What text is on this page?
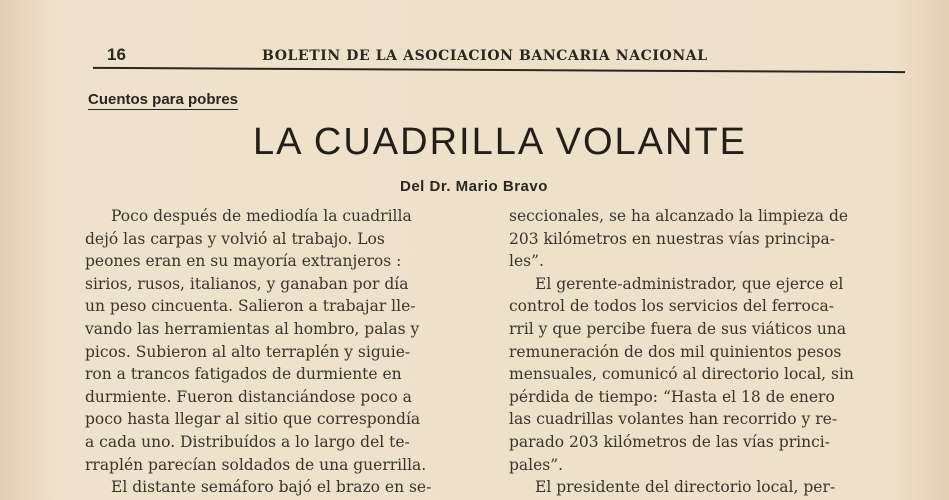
16	BOLETIN DE LA ASOCIACION BANCARIA NACIONAL
Cuentos para pobres
LA CUADRILLA VOLANTE
Del Dr. Mario Bravo
Poco después de mediodía la cuadrilla
dejó las carpas y volvió al trabajo. Los
peones eran en su mayoría extranjeros :
sirios, rusos, italianos, y ganaban por día
un peso cincuenta. Salieron a trabajar lle-
vando las herramientas al hombro, palas y
picos. Subieron al alto terraplén y siguie-
ron a trancos fatigados de durmiente en
durmiente. Fueron distanciándose poco a
poco hasta llegar al sitio que correspondía
a cada uno. Distribuídos a lo largo del te-
rraplén parecían soldados de una guerrilla.
El distante semáforo bajó el brazo en se-
seccionales, se ha alcanzado la limpieza de
203 kilómetros en nuestras vías principa-
les”.
El gerente-administrador, que ejerce el
control de todos los servicios del ferroca-
rril y que percibe fuera de sus viáticos una
remuneración de dos mil quinientos pesos
mensuales, comunicó al directorio local, sin
pérdida de tiempo: “Hasta el 18 de enero
las cuadrillas volantes han recorrido y re-
parado 203 kilómetros de las vías princi-
pales”.
El presidente del directorio local, per-
